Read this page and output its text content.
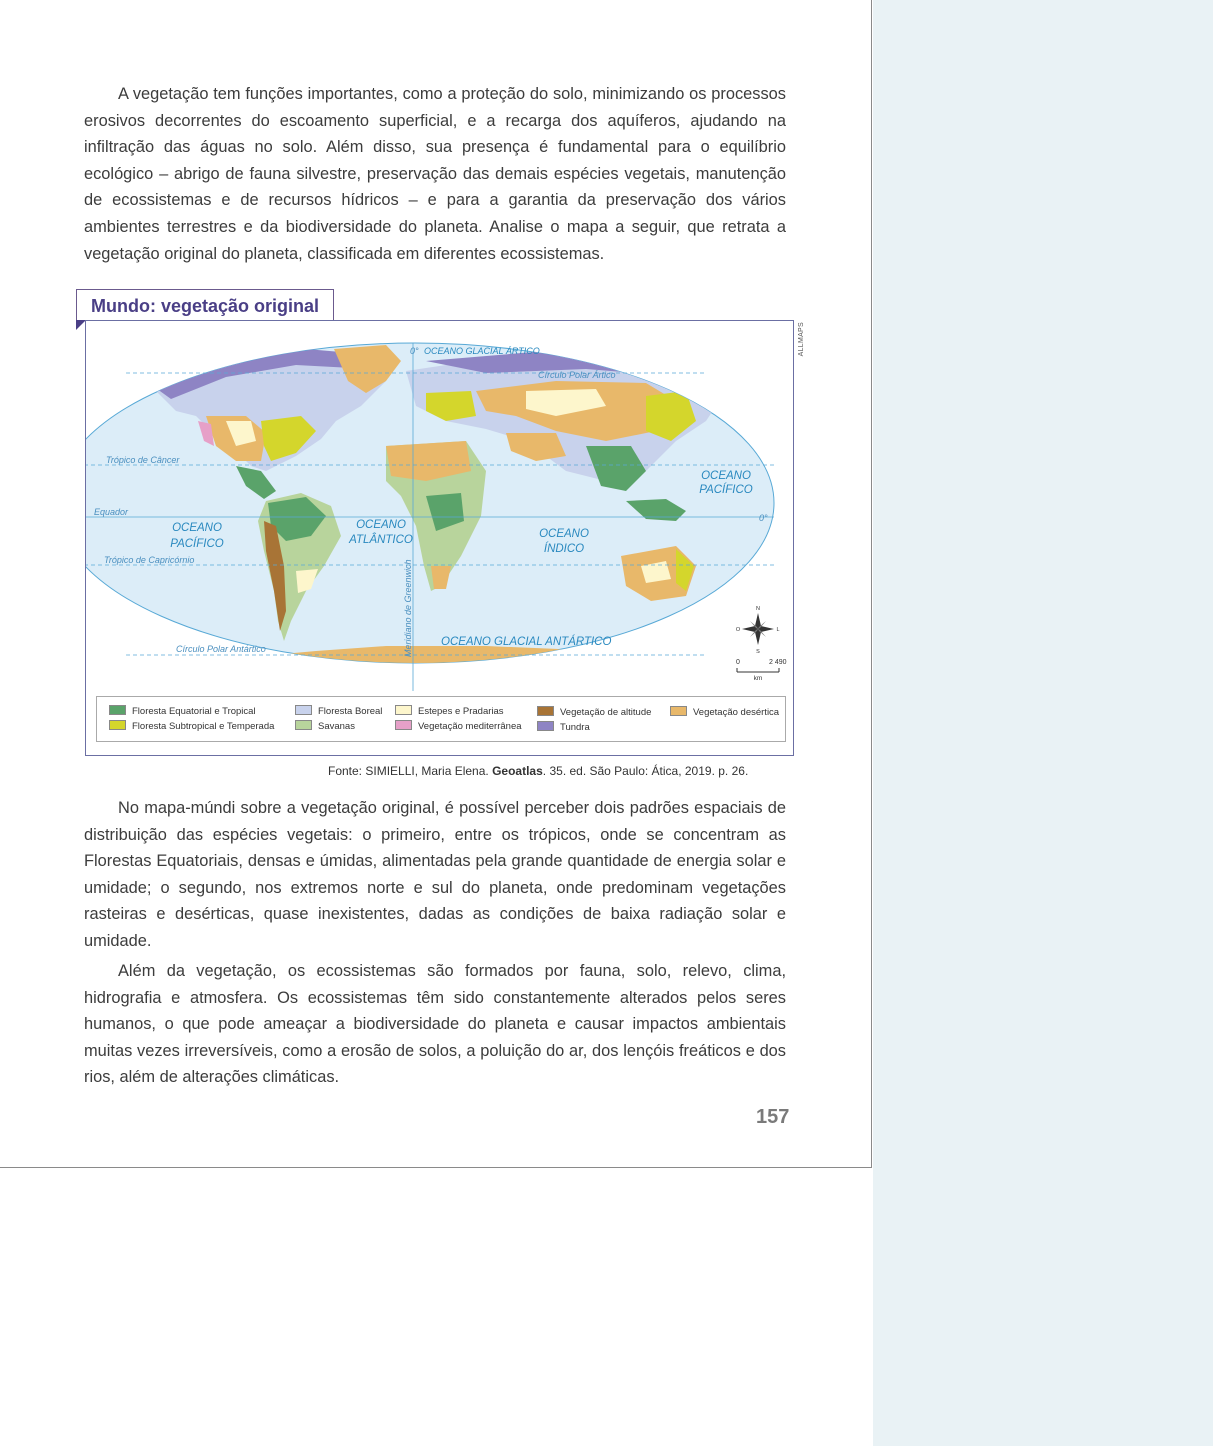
A vegetação tem funções importantes, como a proteção do solo, minimizando os processos erosivos decorrentes do escoamento superficial, e a recarga dos aquíferos, ajudando na infiltração das águas no solo. Além disso, sua presença é fundamental para o equilíbrio ecológico – abrigo de fauna silvestre, preservação das demais espécies vegetais, manutenção de ecossistemas e de recursos hídricos – e para a garantia da preservação dos vários ambientes terrestres e da biodiversidade do planeta. Analise o mapa a seguir, que retrata a vegetação original do planeta, classificada em diferentes ecossistemas.

Mundo: vegetação original
ALLMAPS
Trópico de Câncer
Equador
Trópico de Capricórnio
Círculo Polar Ártico
Círculo Polar Antártico
0°
0°
Meridiano de Greenwich
OCEANO GLACIAL ÁRTICO
OCEANO
PACÍFICO
OCEANO
PACÍFICO
OCEANO
ATLÂNTICO	OCEANO
ÍNDICO
OCEANO GLACIAL ANTÁRTICO
N
S
L
O
0	2 490
km
Floresta Equatorial e Tropical
Floresta Subtropical e Temperada
Floresta Boreal
Savanas
Estepes e Pradarias
Vegetação mediterrânea
Vegetação de altitude
Tundra
Vegetação desértica
Fonte: SIMIELLI, Maria Elena. Geoatlas. 35. ed. São Paulo: Ática, 2019. p. 26.

No mapa-múndi sobre a vegetação original, é possível perceber dois padrões espaciais de distribuição das espécies vegetais: o primeiro, entre os trópicos, onde se concentram as Florestas Equatoriais, densas e úmidas, alimentadas pela grande quantidade de energia solar e umidade; o segundo, nos extremos norte e sul do planeta, onde predominam vegetações rasteiras e desérticas, quase inexistentes, dadas as condições de baixa radiação solar e umidade.

Além da vegetação, os ecossistemas são formados por fauna, solo, relevo, clima, hidrografia e atmosfera. Os ecossistemas têm sido constantemente alterados pelos seres humanos, o que pode ameaçar a biodiversidade do planeta e causar impactos ambientais muitas vezes irreversíveis, como a erosão de solos, a poluição do ar, dos lençóis freáticos e dos rios, além de alterações climáticas.

157
